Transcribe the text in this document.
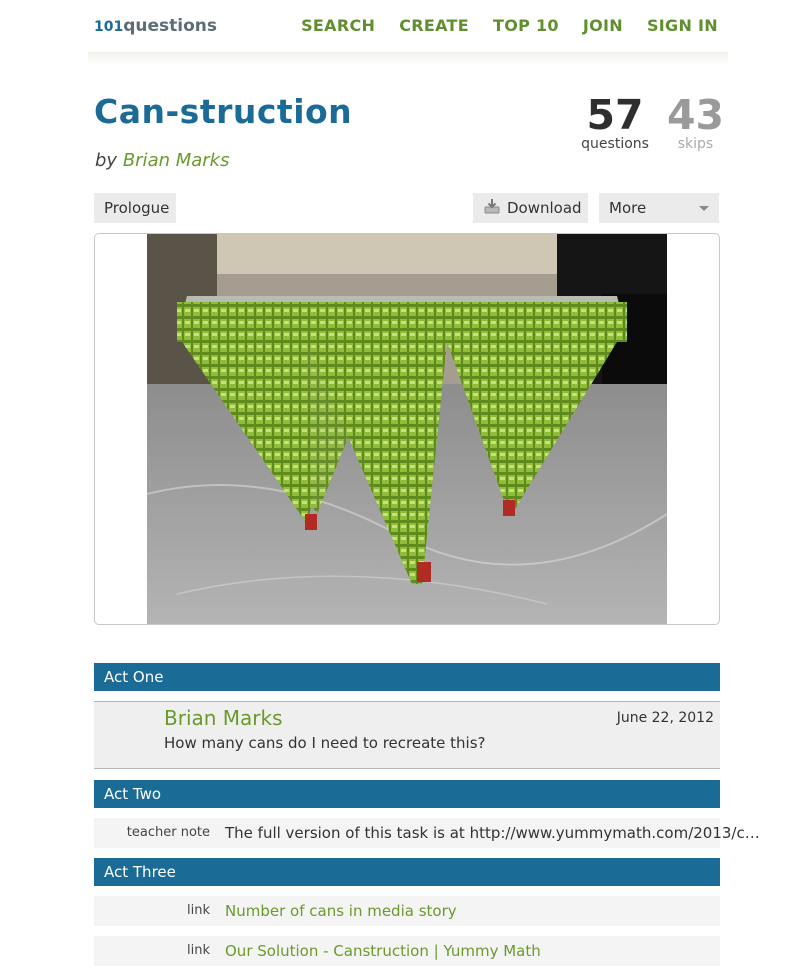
101questions	SEARCH CREATE TOP 10 JOIN SIGN IN
Can-struction
by Brian Marks
57
questions
43
skips
Prologue	Download More
Act One
Brian Marks
How many cans do I need to recreate this?
June 22, 2012
Act Two
teacher note The full version of this task is at http://www.yummymath.com/2013/c…
Act Three
link Number of cans in media story
link Our Solution - Canstruction | Yummy Math
